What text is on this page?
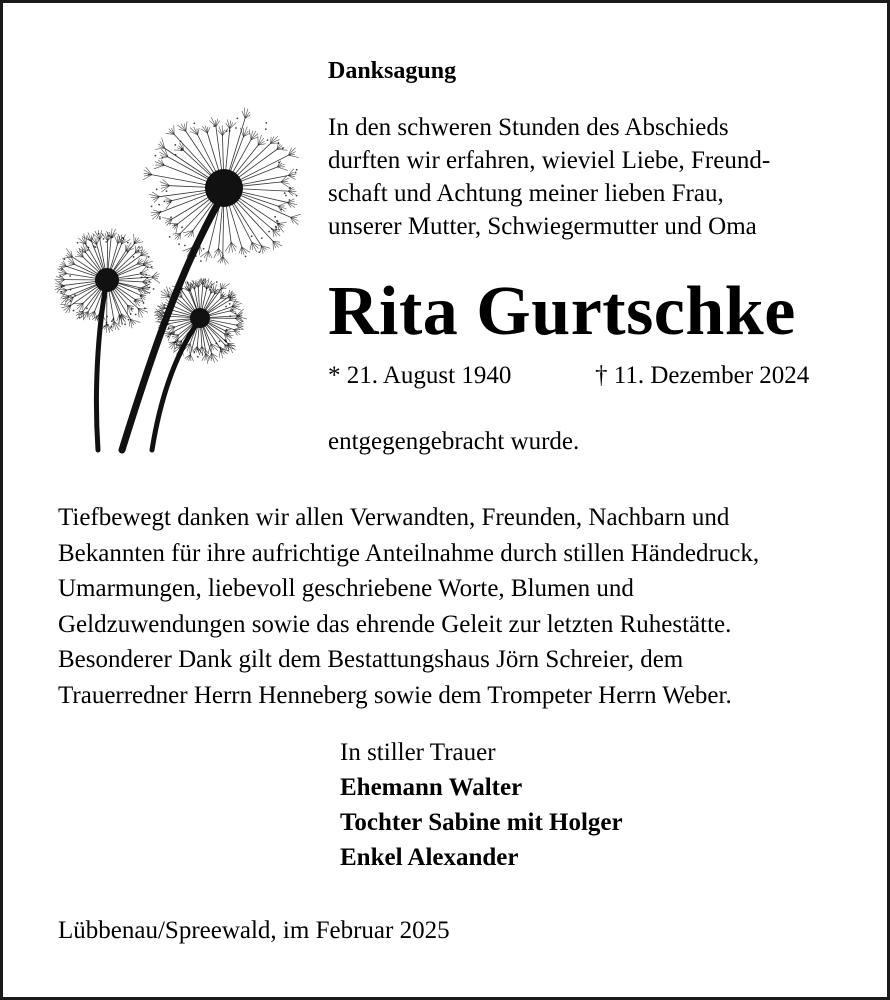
Danksagung
In den schweren Stunden des Abschieds
durften wir erfahren, wieviel Liebe, Freund-
schaft und Achtung meiner lieben Frau,
unserer Mutter, Schwiegermutter und Oma
Rita Gurtschke
* 21. August 1940	† 11. Dezember 2024
entgegengebracht wurde.
Tiefbewegt danken wir allen Verwandten, Freunden, Nachbarn und
Bekannten für ihre aufrichtige Anteilnahme durch stillen Händedruck,
Umarmungen, liebevoll geschriebene Worte, Blumen und
Geldzuwendungen sowie das ehrende Geleit zur letzten Ruhestätte.
Besonderer Dank gilt dem Bestattungshaus Jörn Schreier, dem
Trauerredner Herrn Henneberg sowie dem Trompeter Herrn Weber.
In stiller Trauer
Ehemann Walter
Tochter Sabine mit Holger
Enkel Alexander
Lübbenau/Spreewald, im Februar 2025
